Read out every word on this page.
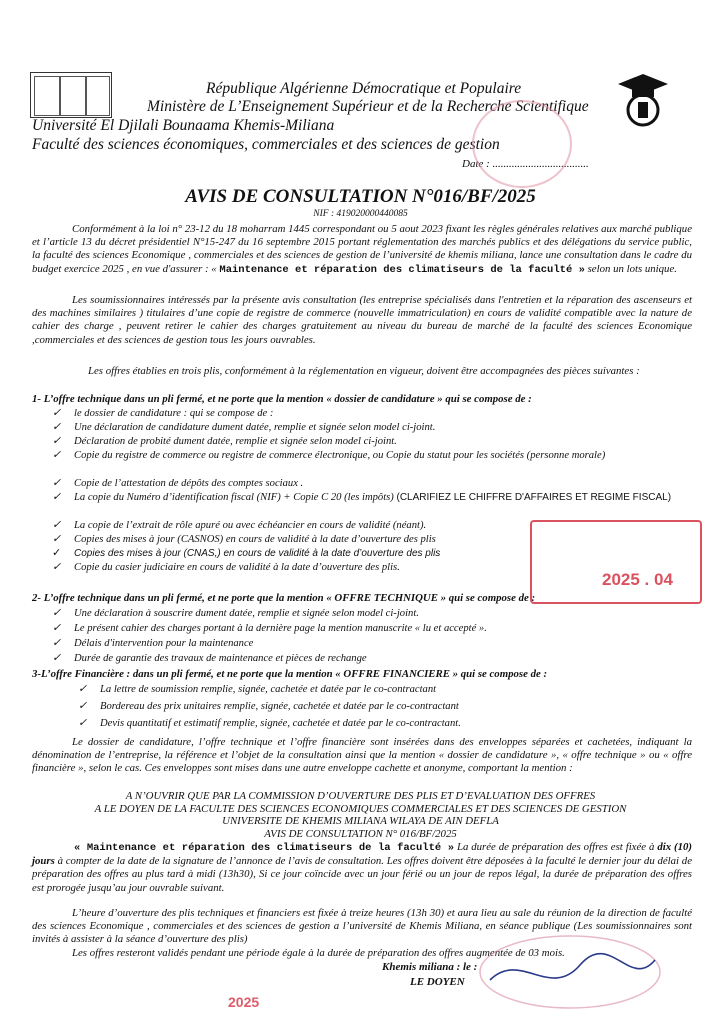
République Algérienne Démocratique et Populaire
Ministère de L’Enseignement Supérieur et de la Recherche Scientifique
Université El Djilali Bounaama Khemis-Miliana
Faculté des sciences économiques, commerciales et des sciences de gestion
Date : ...................................
AVIS DE CONSULTATION N°016/BF/2025
NIF : 419020000440085
Conformément à la loi n° 23-12 du 18 moharram 1445 correspondant ou 5 aout 2023 fixant les règles générales relatives aux marché publique et l’article 13 du décret présidentiel N°15-247 du 16 septembre 2015 portant réglementation des marchés publics et des délégations du service public, la faculté des sciences Economique , commerciales et des sciences de gestion de l’université de khemis miliana, lance une consultation dans le cadre du budget exercice 2025 , en vue d'assurer : « Maintenance et réparation des climatiseurs de la faculté » selon un lots unique.
Les soumissionnaires intéressés par la présente avis consultation (les entreprise spécialisés dans l'entretien et la réparation des ascenseurs et des machines similaires ) titulaires d’une copie de registre de commerce (nouvelle immatriculation) en cours de validité compatible avec la nature de cahier des charge , peuvent retirer le cahier des charges gratuitement au niveau du bureau de marché de la faculté des sciences Economique ,commerciales et des sciences de gestion tous les jours ouvrables.
Les offres établies en trois plis, conformément à la réglementation en vigueur, doivent être accompagnées des pièces suivantes :
1- L’offre technique dans un pli fermé, et ne porte que la mention « dossier de candidature » qui se compose de :
✓ le dossier de candidature : qui se compose de :
✓ Une déclaration de candidature dument datée, remplie et signée selon model ci-joint.
✓ Déclaration de probité dument datée, remplie et signée selon model ci-joint.
✓ Copie du registre de commerce ou registre de commerce électronique, ou Copie du statut pour les sociétés (personne morale)
✓ Copie de l’attestation de dépôts des comptes sociaux .
✓ La copie du Numéro d’identification fiscal (NIF) + Copie C 20 (les impôts) (CLARIFIEZ LE CHIFFRE D'AFFAIRES ET REGIME FISCAL)
✓ La copie de l’extrait de rôle apuré ou avec échéancier en cours de validité (néant).
✓ Copies des mises à jour (CASNOS) en cours de validité à la date d’ouverture des plis
✓ Copies des mises à jour (CNAS,) en cours de validité à la date d’ouverture des plis
✓ Copie du casier judiciaire en cours de validité à la date d’ouverture des plis.
2- L’offre technique dans un pli fermé, et ne porte que la mention « OFFRE TECHNIQUE » qui se compose de :
✓ Une déclaration à souscrire dument datée, remplie et signée selon model ci-joint.
✓ Le présent cahier des charges portant à la dernière page la mention manuscrite « lu et accepté ».
✓ Délais d'intervention pour la maintenance
✓ Durée de garantie des travaux de maintenance et pièces de rechange
3-L’offre Financière : dans un pli fermé, et ne porte que la mention « OFFRE FINANCIERE » qui se compose de :
✓ La lettre de soumission remplie, signée, cachetée et datée par le co-contractant
✓ Bordereau des prix unitaires remplie, signée, cachetée et datée par le co-contractant
✓ Devis quantitatif et estimatif remplie, signée, cachetée et datée par le co-contractant.
Le dossier de candidature, l’offre technique et l’offre financière sont insérées dans des enveloppes séparées et cachetées, indiquant la dénomination de l’entreprise, la référence et l’objet de la consultation ainsi que la mention « dossier de candidature », « offre technique » ou « offre financière », selon le cas. Ces enveloppes sont mises dans une autre enveloppe cachette et anonyme, comportant la mention :
A N’OUVRIR QUE PAR LA COMMISSION D’OUVERTURE DES PLIS ET D’EVALUATION DES OFFRES
A LE DOYEN DE LA FACULTE DES SCIENCES ECONOMIQUES COMMERCIALES ET DES SCIENCES DE GESTION
UNIVERSITE DE KHEMIS MILIANA WILAYA DE AIN DEFLA
AVIS DE CONSULTATION N° 016/BF/2025
« Maintenance et réparation des climatiseurs de la faculté » La durée de préparation des offres est fixée à dix (10) jours à compter de la date de la signature de l’annonce de l’avis de consultation. Les offres doivent être déposées à la faculté le dernier jour du délai de préparation des offres au plus tard à midi (13h30), Si ce jour coïncide avec un jour férié ou un jour de repos légal, la durée de préparation des offres est prorogée jusqu’au jour ouvrable suivant.
L’heure d’ouverture des plis techniques et financiers est fixée à treize heures (13h 30) et aura lieu au sale du réunion de la direction de faculté des sciences Economique , commerciales et des sciences de gestion a l’université de Khemis Miliana, en séance publique (Les soumissionnaires sont invités à assister à la séance d’ouverture des plis)
Les offres resteront validés pendant une période égale à la durée de préparation des offres augmentée de 03 mois.
Khemis miliana : le :
LE DOYEN
2025 . 04
2025
